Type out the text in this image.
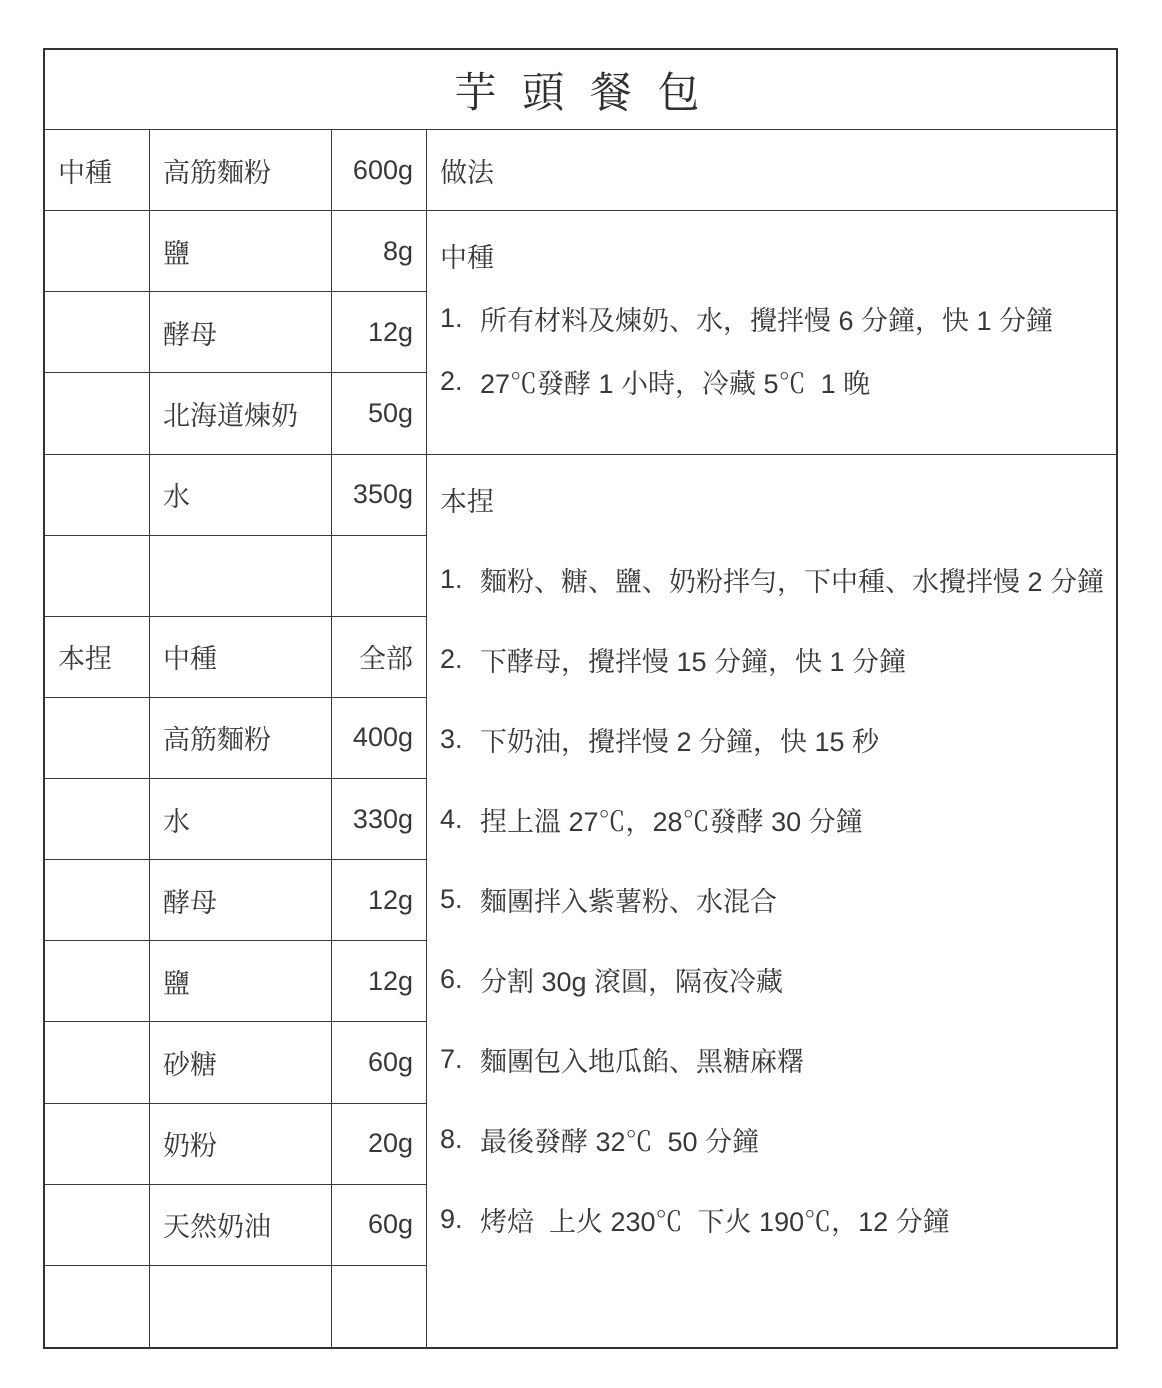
芋 頭 餐 包
中種	高筋麵粉	600g
鹽	8g
酵母	12g
北海道煉奶	50g
水	350g
本捏	中種	全部
高筋麵粉	400g
水	330g
酵母	12g
鹽	12g
砂糖	60g
奶粉	20g
天然奶油	60g
做法
中種
1. 所有材料及煉奶、水，攪拌慢 6 分鐘，快 1 分鐘
2. 27℃發酵 1 小時，冷藏 5℃  1 晚
本捏
1. 麵粉、糖、鹽、奶粉拌勻，下中種、水攪拌慢 2 分鐘
2. 下酵母，攪拌慢 15 分鐘，快 1 分鐘
3. 下奶油，攪拌慢 2 分鐘，快 15 秒
4. 捏上溫 27℃，28℃發酵 30 分鐘
5. 麵團拌入紫薯粉、水混合
6. 分割 30g 滾圓，隔夜冷藏
7. 麵團包入地瓜餡、黑糖麻糬
8. 最後發酵 32℃  50 分鐘
9. 烤焙  上火 230℃  下火 190℃，12 分鐘
